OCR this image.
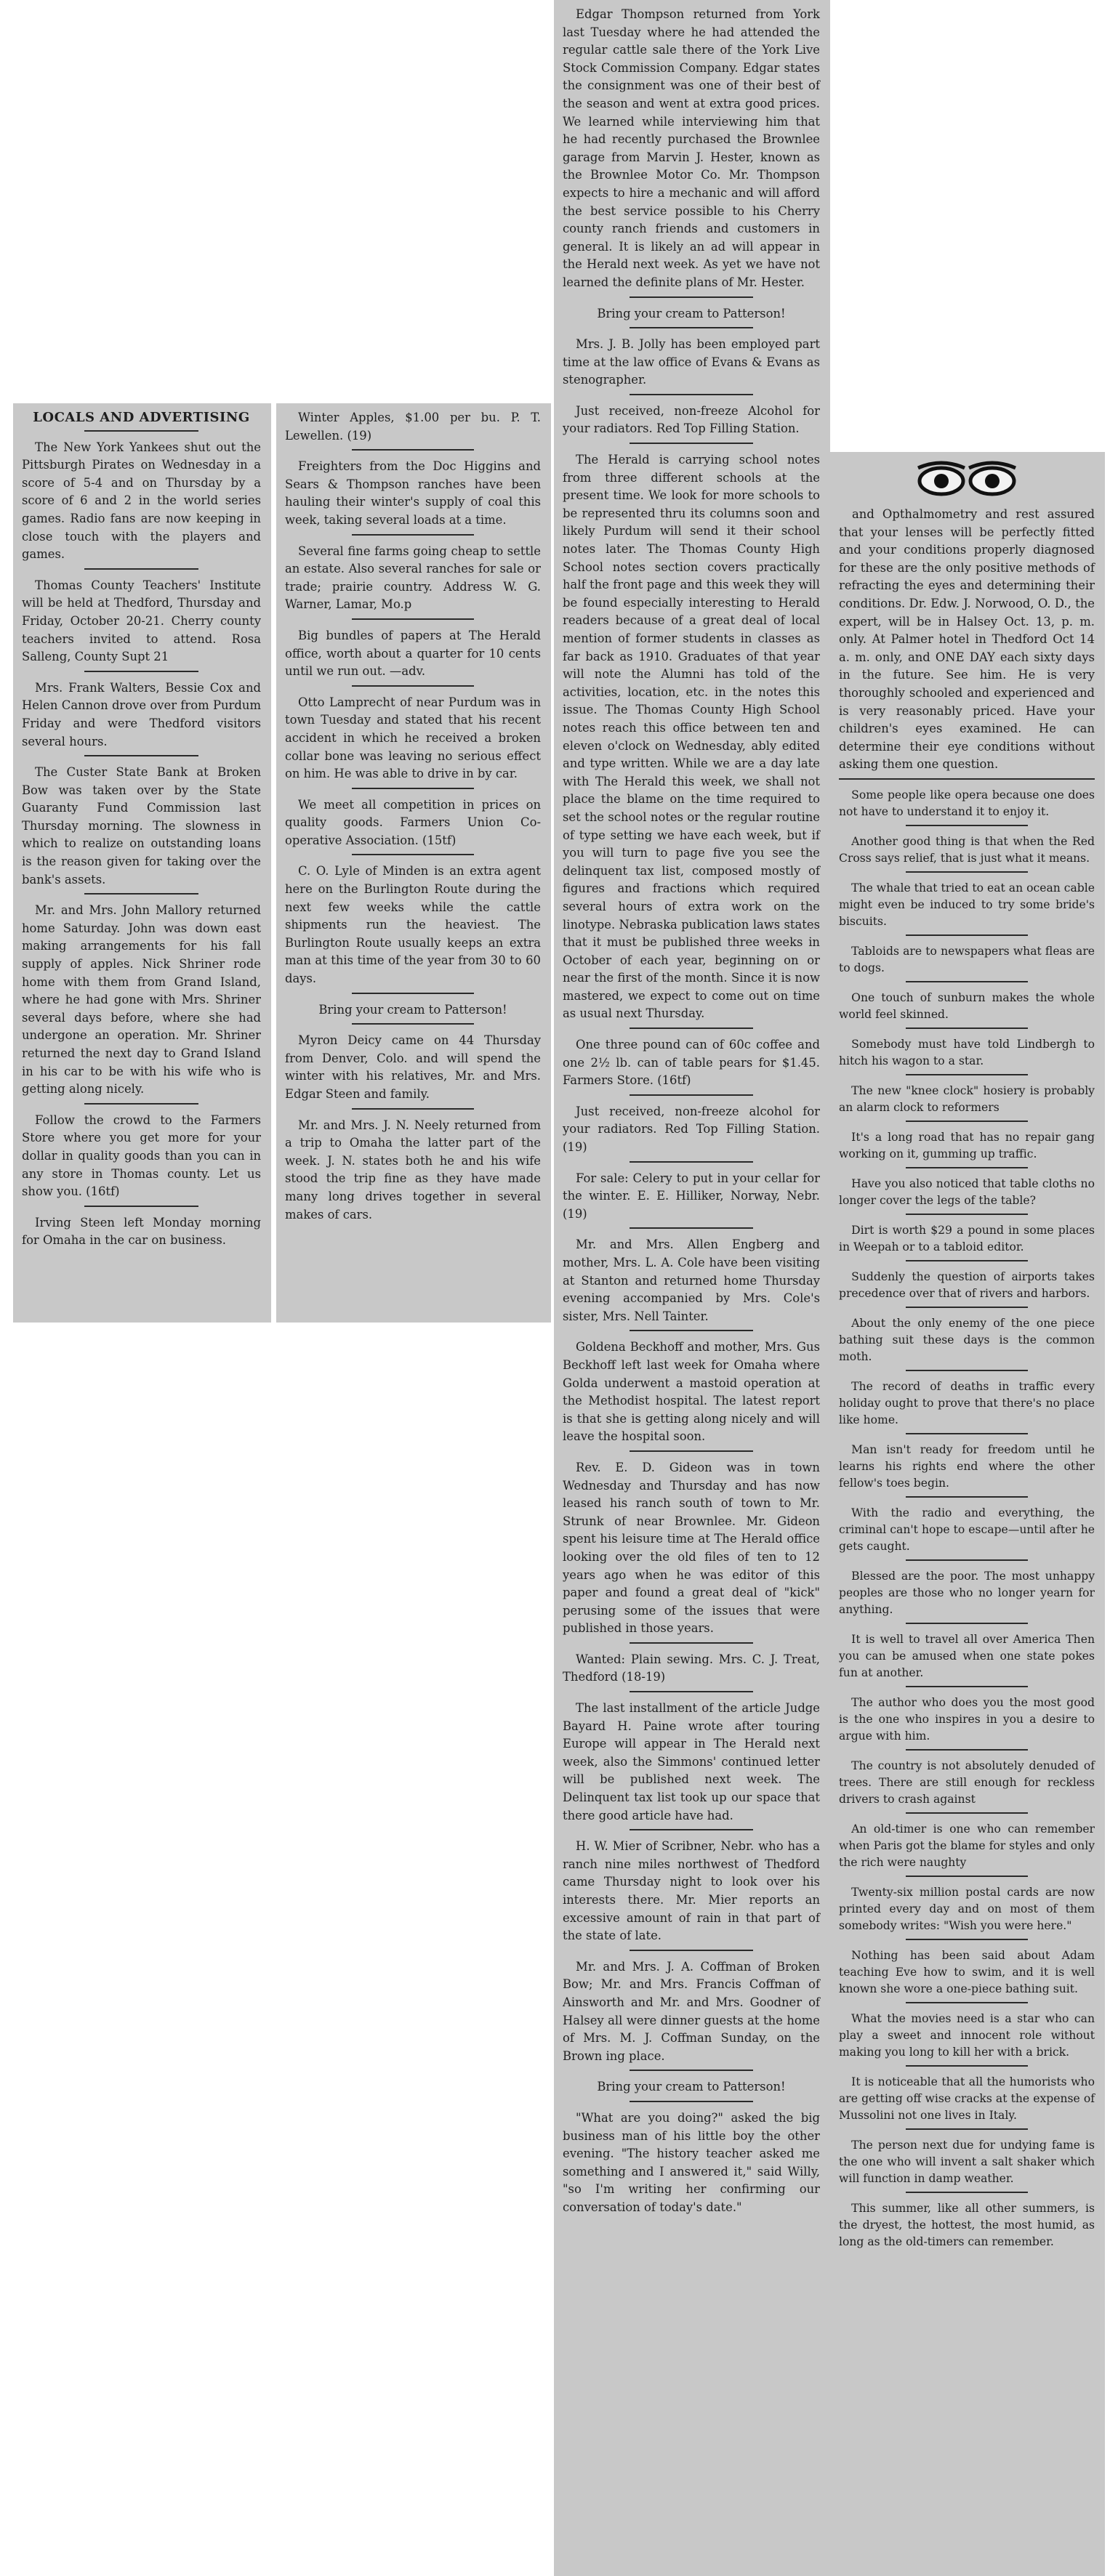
LOCALS AND ADVERTISING

The New York Yankees shut out the Pittsburgh Pirates on Wednesday in a score of 5-4 and on Thursday by a score of 6 and 2 in the world series games. Radio fans are now keeping in close touch with the players and games.

Thomas County Teachers' Institute will be held at Thedford, Thursday and Friday, October 20-21. Cherry county teachers invited to attend. Rosa Salleng, County Supt 21

Mrs. Frank Walters, Bessie Cox and Helen Cannon drove over from Purdum Friday and were Thedford visitors several hours.

The Custer State Bank at Broken Bow was taken over by the State Guaranty Fund Commission last Thursday morning. The slowness in which to realize on outstanding loans is the reason given for taking over the bank's assets.

Mr. and Mrs. John Mallory returned home Saturday. John was down east making arrangements for his fall supply of apples. Nick Shriner rode home with them from Grand Island, where he had gone with Mrs. Shriner several days before, where she had undergone an operation. Mr. Shriner returned the next day to Grand Island in his car to be with his wife who is getting along nicely.

Follow the crowd to the Farmers Store where you get more for your dollar in quality goods than you can in any store in Thomas county. Let us show you. (16tf)

Irving Steen left Monday morning for Omaha in the car on business.

Winter Apples, $1.00 per bu. P. T. Lewellen. (19)

Freighters from the Doc Higgins and Sears & Thompson ranches have been hauling their winter's supply of coal this week, taking several loads at a time.

Several fine farms going cheap to settle an estate. Also several ranches for sale or trade; prairie country. Address W. G. Warner, Lamar, Mo.p

Big bundles of papers at The Herald office, worth about a quarter for 10 cents until we run out. —adv.

Otto Lamprecht of near Purdum was in town Tuesday and stated that his recent accident in which he received a broken collar bone was leaving no serious effect on him. He was able to drive in by car.

We meet all competition in prices on quality goods. Farmers Union Co-operative Association. (15tf)

C. O. Lyle of Minden is an extra agent here on the Burlington Route during the next few weeks while the cattle shipments run the heaviest. The Burlington Route usually keeps an extra man at this time of the year from 30 to 60 days.

Bring your cream to Patterson!

Myron Deicy came on 44 Thursday from Denver, Colo. and will spend the winter with his relatives, Mr. and Mrs. Edgar Steen and family.

Mr. and Mrs. J. N. Neely returned from a trip to Omaha the latter part of the week. J. N. states both he and his wife stood the trip fine as they have made many long drives together in several makes of cars.

Edgar Thompson returned from York last Tuesday where he had attended the regular cattle sale there of the York Live Stock Commission Company. Edgar states the consignment was one of their best of the season and went at extra good prices. We learned while interviewing him that he had recently purchased the Brownlee garage from Marvin J. Hester, known as the Brownlee Motor Co. Mr. Thompson expects to hire a mechanic and will afford the best service possible to his Cherry county ranch friends and customers in general. It is likely an ad will appear in the Herald next week. As yet we have not learned the definite plans of Mr. Hester.

Bring your cream to Patterson!

Mrs. J. B. Jolly has been employed part time at the law office of Evans & Evans as stenographer.

Just received, non-freeze Alcohol for your radiators. Red Top Filling Station.

The Herald is carrying school notes from three different schools at the present time. We look for more schools to be represented thru its columns soon and likely Purdum will send it their school notes later. The Thomas County High School notes section covers practically half the front page and this week they will be found especially interesting to Herald readers because of a great deal of local mention of former students in classes as far back as 1910. Graduates of that year will note the Alumni has told of the activities, location, etc. in the notes this issue. The Thomas County High School notes reach this office between ten and eleven o'clock on Wednesday, ably edited and type written. While we are a day late with The Herald this week, we shall not place the blame on the time required to set the school notes or the regular routine of type setting we have each week, but if you will turn to page five you see the delinquent tax list, composed mostly of figures and fractions which required several hours of extra work on the linotype. Nebraska publication laws states that it must be published three weeks in October of each year, beginning on or near the first of the month. Since it is now mastered, we expect to come out on time as usual next Thursday.

One three pound can of 60c coffee and one 2½ lb. can of table pears for $1.45. Farmers Store. (16tf)

Just received, non-freeze alcohol for your radiators. Red Top Filling Station. (19)

For sale: Celery to put in your cellar for the winter. E. E. Hilliker, Norway, Nebr. (19)

Mr. and Mrs. Allen Engberg and mother, Mrs. L. A. Cole have been visiting at Stanton and returned home Thursday evening accompanied by Mrs. Cole's sister, Mrs. Nell Tainter.

Goldena Beckhoff and mother, Mrs. Gus Beckhoff left last week for Omaha where Golda underwent a mastoid operation at the Methodist hospital. The latest report is that she is getting along nicely and will leave the hospital soon.

Rev. E. D. Gideon was in town Wednesday and Thursday and has now leased his ranch south of town to Mr. Strunk of near Brownlee. Mr. Gideon spent his leisure time at The Herald office looking over the old files of ten to 12 years ago when he was editor of this paper and found a great deal of "kick" perusing some of the issues that were published in those years.

Wanted: Plain sewing. Mrs. C. J. Treat, Thedford (18-19)

The last installment of the article Judge Bayard H. Paine wrote after touring Europe will appear in The Herald next week, also the Simmons' continued letter will be published next week. The Delinquent tax list took up our space that there good article have had.

H. W. Mier of Scribner, Nebr. who has a ranch nine miles northwest of Thedford came Thursday night to look over his interests there. Mr. Mier reports an excessive amount of rain in that part of the state of late.

Mr. and Mrs. J. A. Coffman of Broken Bow; Mr. and Mrs. Francis Coffman of Ainsworth and Mr. and Mrs. Goodner of Halsey all were dinner guests at the home of Mrs. M. J. Coffman Sunday, on the Brown ing place.

Bring your cream to Patterson!

"What are you doing?" asked the big business man of his little boy the other evening. "The history teacher asked me something and I answered it," said Willy, "so I'm writing her confirming our conversation of today's date."

and Opthalmometry and rest assured that your lenses will be perfectly fitted and your conditions properly diagnosed for these are the only positive methods of refracting the eyes and determining their conditions. Dr. Edw. J. Norwood, O. D., the expert, will be in Halsey Oct. 13, p. m. only. At Palmer hotel in Thedford Oct 14 a. m. only, and ONE DAY each sixty days in the future. See him. He is very thoroughly schooled and experienced and is very reasonably priced. Have your children's eyes examined. He can determine their eye conditions without asking them one question.

Some people like opera because one does not have to understand it to enjoy it.

Another good thing is that when the Red Cross says relief, that is just what it means.

The whale that tried to eat an ocean cable might even be induced to try some bride's biscuits.

Tabloids are to newspapers what fleas are to dogs.

One touch of sunburn makes the whole world feel skinned.

Somebody must have told Lindbergh to hitch his wagon to a star.

The new "knee clock" hosiery is probably an alarm clock to reformers

It's a long road that has no repair gang working on it, gumming up traffic.

Have you also noticed that table cloths no longer cover the legs of the table?

Dirt is worth $29 a pound in some places in Weepah or to a tabloid editor.

Suddenly the question of airports takes precedence over that of rivers and harbors.

About the only enemy of the one piece bathing suit these days is the common moth.

The record of deaths in traffic every holiday ought to prove that there's no place like home.

Man isn't ready for freedom until he learns his rights end where the other fellow's toes begin.

With the radio and everything, the criminal can't hope to escape—until after he gets caught.

Blessed are the poor. The most unhappy peoples are those who no longer yearn for anything.

It is well to travel all over America Then you can be amused when one state pokes fun at another.

The author who does you the most good is the one who inspires in you a desire to argue with him.

The country is not absolutely denuded of trees. There are still enough for reckless drivers to crash against

An old-timer is one who can remember when Paris got the blame for styles and only the rich were naughty

Twenty-six million postal cards are now printed every day and on most of them somebody writes: "Wish you were here."

Nothing has been said about Adam teaching Eve how to swim, and it is well known she wore a one-piece bathing suit.

What the movies need is a star who can play a sweet and innocent role without making you long to kill her with a brick.

It is noticeable that all the humorists who are getting off wise cracks at the expense of Mussolini not one lives in Italy.

The person next due for undying fame is the one who will invent a salt shaker which will function in damp weather.

This summer, like all other summers, is the dryest, the hottest, the most humid, as long as the old-timers can remember.
